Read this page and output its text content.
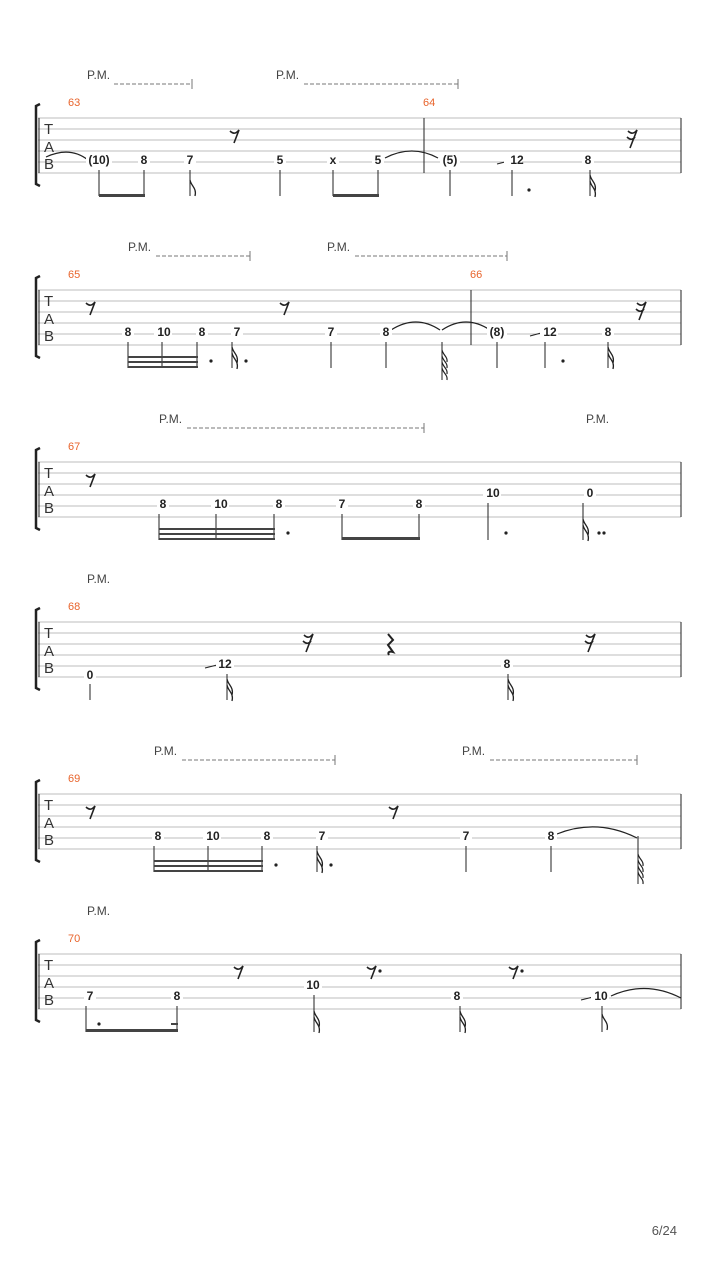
T
A
B
63	64
P.M.	P.M.
(10)	8	7	5	x	5	(5)	12	8
T
A
B
65	66
P.M.	P.M.
8 10 8 7	7	8	(8)	12	8
T
A
B
67
P.M.	P.M.
8	10	8	7	8
10	0
T
A
B
68
P.M.
0
12	8
T
A
B
69
P.M.	P.M.
8	10	8	7	7	8
T
A
B
70
P.M.
7	8
10
8	10
6/24
